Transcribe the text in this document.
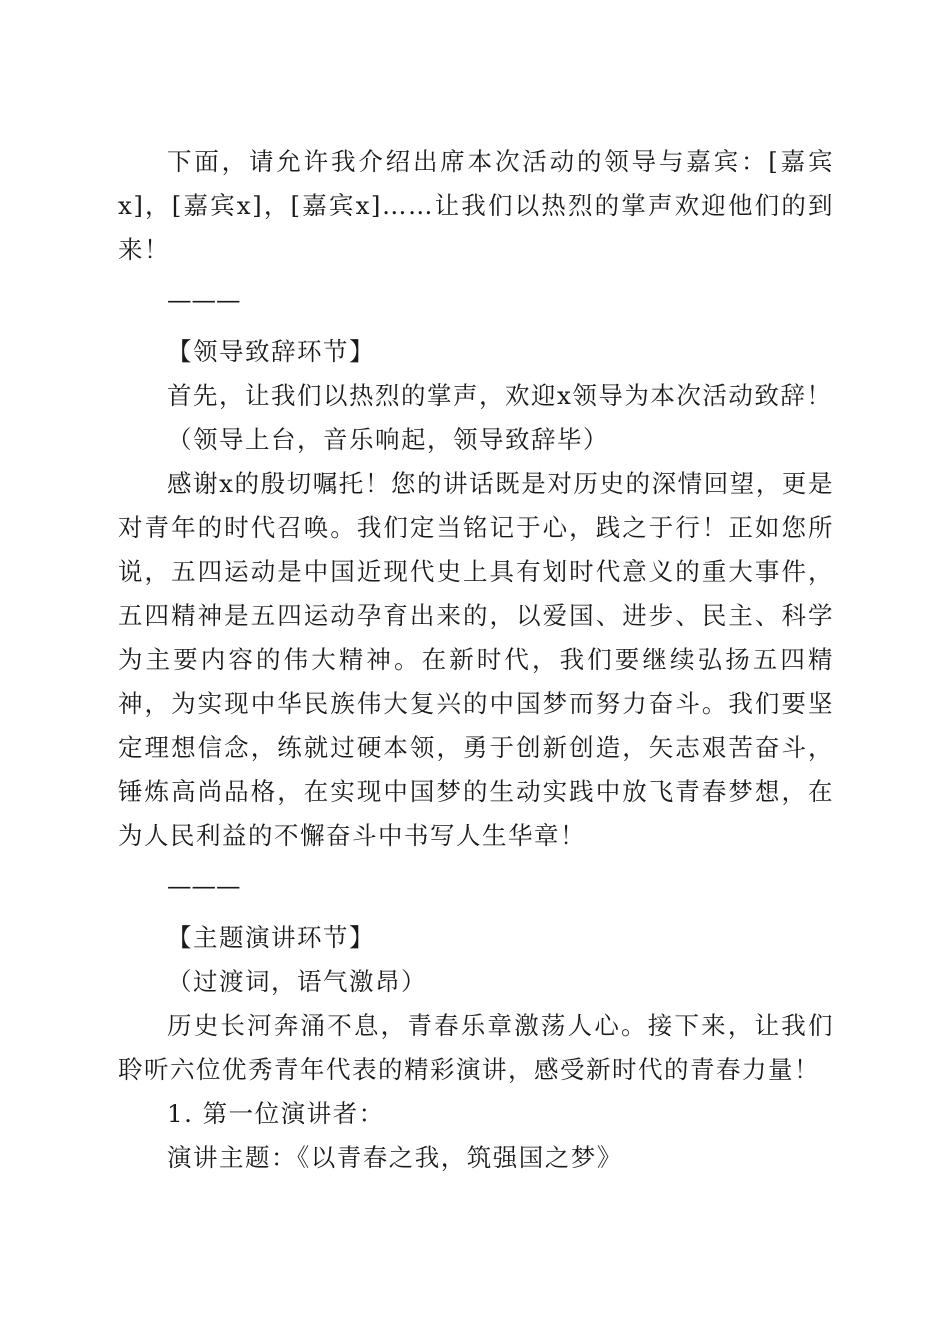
下面，请允许我介绍出席本次活动的领导与嘉宾：[嘉宾x]，[嘉宾x]，[嘉宾x]……让我们以热烈的掌声欢迎他们的到来！

———

【领导致辞环节】

首先，让我们以热烈的掌声，欢迎x领导为本次活动致辞！

（领导上台，音乐响起，领导致辞毕）

感谢x的殷切嘱托！您的讲话既是对历史的深情回望，更是对青年的时代召唤。我们定当铭记于心，践之于行！正如您所说，五四运动是中国近现代史上具有划时代意义的重大事件，五四精神是五四运动孕育出来的，以爱国、进步、民主、科学为主要内容的伟大精神。在新时代，我们要继续弘扬五四精神，为实现中华民族伟大复兴的中国梦而努力奋斗。我们要坚定理想信念，练就过硬本领，勇于创新创造，矢志艰苦奋斗，锤炼高尚品格，在实现中国梦的生动实践中放飞青春梦想，在为人民利益的不懈奋斗中书写人生华章！

———

【主题演讲环节】

（过渡词，语气激昂）

历史长河奔涌不息，青春乐章激荡人心。接下来，让我们聆听六位优秀青年代表的精彩演讲，感受新时代的青春力量！

1. 第一位演讲者：

演讲主题：《以青春之我，筑强国之梦》
